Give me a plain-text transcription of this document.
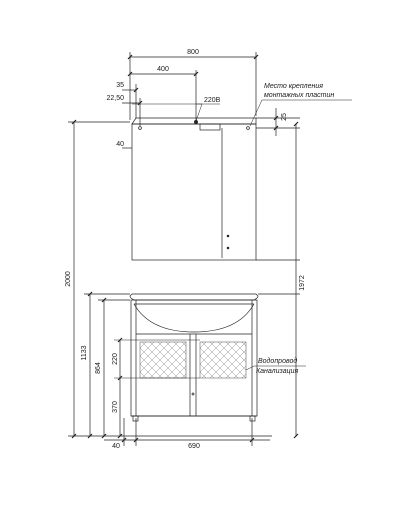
800
400
35
22,50	220В
40
Место крепления
монтажных пластин
25
2000
1133
864
220
370
1972
Водопровод
Канализация
40	690
